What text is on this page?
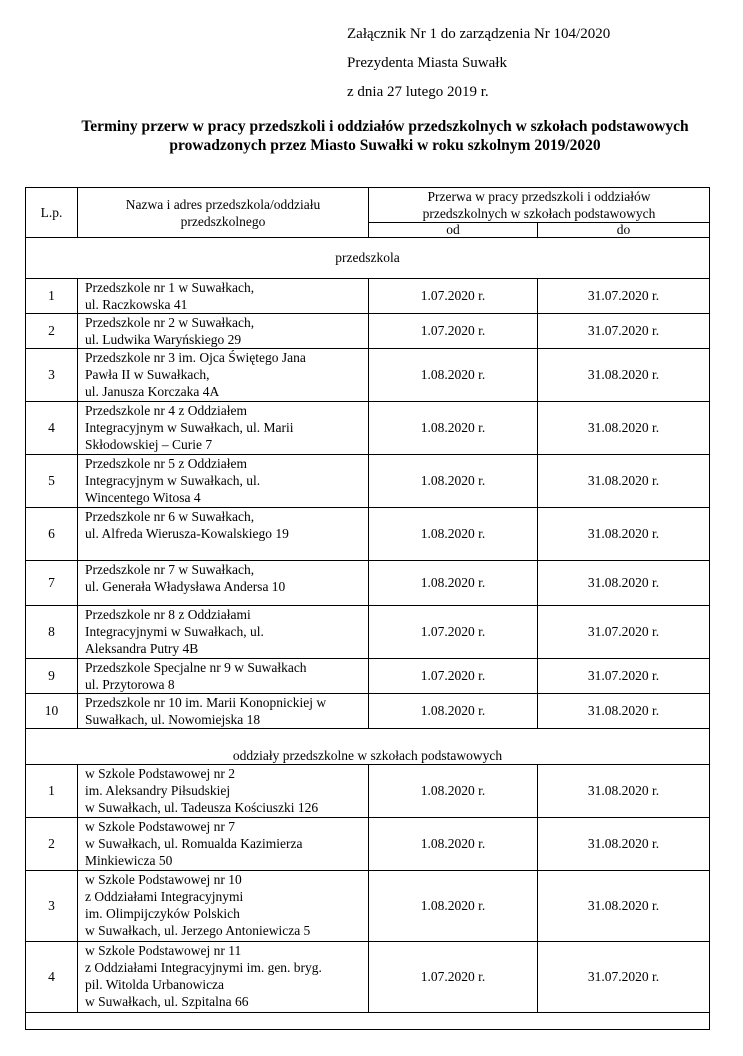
Załącznik Nr 1 do zarządzenia Nr 104/2020
Prezydenta Miasta Suwałk
z dnia 27 lutego 2019 r.
Terminy przerw w pracy przedszkoli i oddziałów przedszkolnych w szkołach podstawowych
prowadzonych przez Miasto Suwałki w roku szkolnym 2019/2020
L.p.	Nazwa i adres przedszkola/oddziału przedszkolnego	Przerwa w pracy przedszkoli i oddziałów przedszkolnych w szkołach podstawowych	
		od	do
przedszkola			
1	Przedszkole nr 1 w Suwałkach,
ul. Raczkowska 41	1.07.2020 r.	31.07.2020 r.
2	Przedszkole nr 2 w Suwałkach,
ul. Ludwika Waryńskiego 29	1.07.2020 r.	31.07.2020 r.
3	Przedszkole nr 3 im. Ojca Świętego Jana
Pawła II w Suwałkach,
ul. Janusza Korczaka 4A	1.08.2020 r.	31.08.2020 r.
4	Przedszkole nr 4 z Oddziałem
Integracyjnym w Suwałkach, ul. Marii
Skłodowskiej – Curie 7	1.08.2020 r.	31.08.2020 r.
5	Przedszkole nr 5 z Oddziałem
Integracyjnym w Suwałkach, ul.
Wincentego Witosa 4	1.08.2020 r.	31.08.2020 r.
6	Przedszkole nr 6 w Suwałkach,
ul. Alfreda Wierusza-Kowalskiego 19	1.08.2020 r.	31.08.2020 r.
7	Przedszkole nr 7 w Suwałkach,
ul. Generała Władysława Andersa 10	1.08.2020 r.	31.08.2020 r.
8	Przedszkole nr 8 z Oddziałami
Integracyjnymi w Suwałkach, ul.
Aleksandra Putry 4B	1.07.2020 r.	31.07.2020 r.
9	Przedszkole Specjalne nr 9 w Suwałkach
ul. Przytorowa 8	1.07.2020 r.	31.07.2020 r.
10	Przedszkole nr 10 im. Marii Konopnickiej w
Suwałkach, ul. Nowomiejska 18	1.08.2020 r.	31.08.2020 r.
oddziały przedszkolne w szkołach podstawowych			
1	w Szkole Podstawowej nr 2
im. Aleksandry Piłsudskiej
w Suwałkach, ul. Tadeusza Kościuszki 126	1.08.2020 r.	31.08.2020 r.
2	w Szkole Podstawowej nr 7
w Suwałkach, ul. Romualda Kazimierza
Minkiewicza 50	1.08.2020 r.	31.08.2020 r.
3	w Szkole Podstawowej nr 10
z Oddziałami Integracyjnymi
im. Olimpijczyków Polskich
w Suwałkach, ul. Jerzego Antoniewicza 5	1.08.2020 r.	31.08.2020 r.
4	w Szkole Podstawowej nr 11
z Oddziałami Integracyjnymi im. gen. bryg.
pil. Witolda Urbanowicza
w Suwałkach, ul. Szpitalna 66	1.07.2020 r.	31.07.2020 r.
